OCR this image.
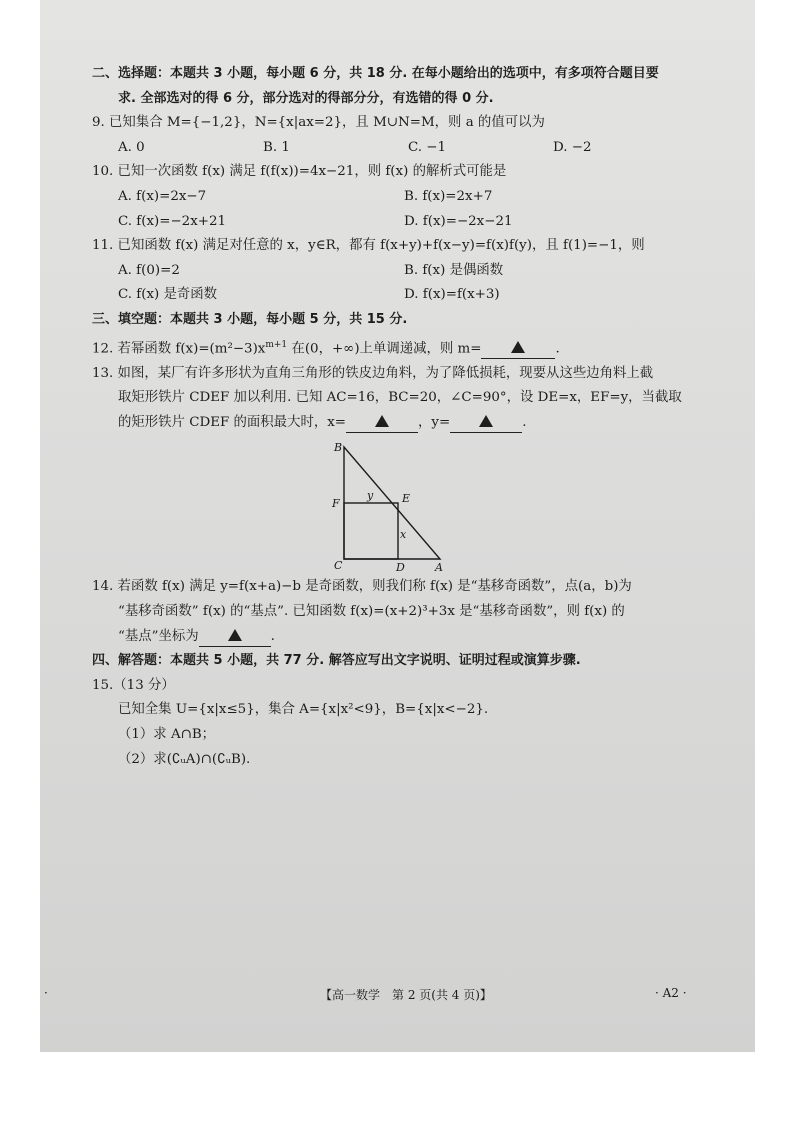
二、选择题：本题共 3 小题，每小题 6 分，共 18 分. 在每小题给出的选项中，有多项符合题目要
求. 全部选对的得 6 分，部分选对的得部分分，有选错的得 0 分.
9. 已知集合 M={−1,2}，N={x|ax=2}，且 M∪N=M，则 a 的值可以为
A. 0	B. 1	C. −1	D. −2
10. 已知一次函数 f(x) 满足 f(f(x))=4x−21，则 f(x) 的解析式可能是
A. f(x)=2x−7	B. f(x)=2x+7
C. f(x)=−2x+21	D. f(x)=−2x−21
11. 已知函数 f(x) 满足对任意的 x，y∈R，都有 f(x+y)+f(x−y)=f(x)f(y)，且 f(1)=−1，则
A. f(0)=2	B. f(x) 是偶函数
C. f(x) 是奇函数	D. f(x)=f(x+3)
三、填空题：本题共 3 小题，每小题 5 分，共 15 分.
12. 若幂函数 $f(x)=(m^2-3)x^{m+1}$ 在(0，+∞)上单调递减，则 m=	.
13. 如图，某厂有许多形状为直角三角形的铁皮边角料，为了降低损耗，现要从这些边角料上截
取矩形铁片 CDEF 加以利用. 已知 AC=16，BC=20，∠C=90°，设 DE=x，EF=y，当截取
的矩形铁片 CDEF 的面积最大时，x=	，y=	.
B
E
F
C	D	A
x
y
14. 若函数 f(x) 满足 y=f(x+a)−b 是奇函数，则我们称 f(x) 是“基移奇函数”，点(a，b)为
“基移奇函数” f(x) 的“基点”. 已知函数 f(x)=(x+2)³+3x 是“基移奇函数”，则 f(x) 的
“基点”坐标为	.
四、解答题：本题共 5 小题，共 77 分. 解答应写出文字说明、证明过程或演算步骤.
15.（13 分）
已知全集 U={x|x≤5}，集合 A={x|x²<9}，B={x|x<−2}.
（1）求 A∩B；
（2）求(∁ᵤA)∩(∁ᵤB).
·	【高一数学　第 2 页(共 4 页)】	· A2 ·
